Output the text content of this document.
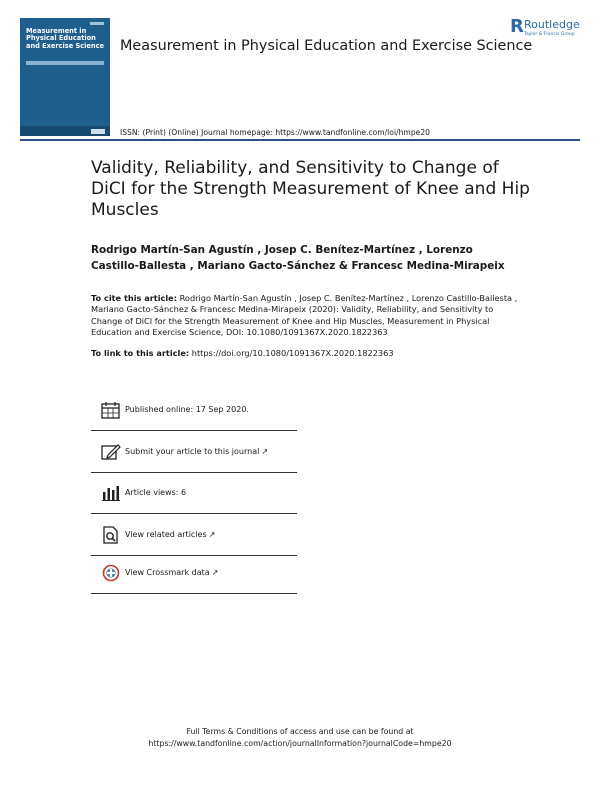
Measurement in Physical Education and Exercise Science Measurement in Physical Education and Exercise Science
R Routledge
Taylor & Francis Group
ISSN: (Print) (Online) Journal homepage: https://www.tandfonline.com/loi/hmpe20
Validity, Reliability, and Sensitivity to Change of DiCI for the Strength Measurement of Knee and Hip Muscles
Rodrigo Martín-San Agustín , Josep C. Benítez-Martínez , Lorenzo Castillo-Ballesta , Mariano Gacto-Sánchez & Francesc Medina-Mirapeix
To cite this article: Rodrigo Martín-San Agustín , Josep C. Benítez-Martínez , Lorenzo Castillo-Ballesta , Mariano Gacto-Sánchez & Francesc Medina-Mirapeix (2020): Validity, Reliability, and Sensitivity to Change of DiCI for the Strength Measurement of Knee and Hip Muscles, Measurement in Physical Education and Exercise Science, DOI: 10.1080/1091367X.2020.1822363
To link to this article: https://doi.org/10.1080/1091367X.2020.1822363
Published online: 17 Sep 2020.
Submit your article to this journal ↗
Article views: 6
View related articles ↗
View Crossmark data ↗
Full Terms & Conditions of access and use can be found at
https://www.tandfonline.com/action/journalInformation?journalCode=hmpe20
